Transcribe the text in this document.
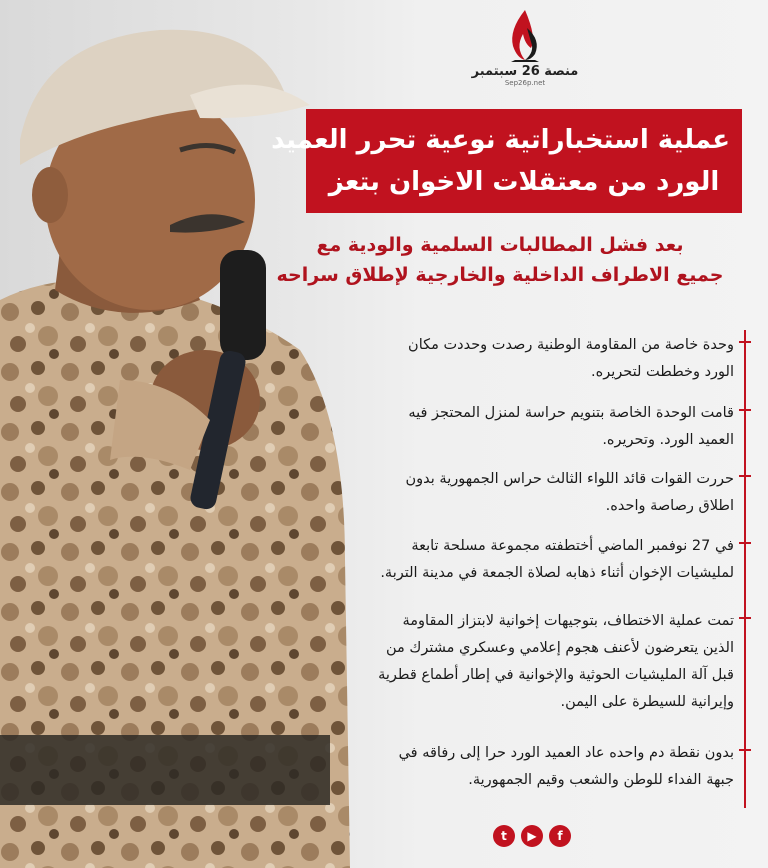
منصة 26 سبتمبر
Sep26p.net
عملية استخباراتية نوعية تحرر العميد
الورد من معتقلات الاخوان بتعز
بعد فشل المطالبات السلمية والودية مع
جميع الاطراف الداخلية والخارجية لإطلاق سراحه
وحدة خاصة من المقاومة الوطنية رصدت وحددت مكان
الورد وخططت لتحريره.
قامت الوحدة الخاصة بتنويم حراسة لمنزل المحتجز فيه
العميد الورد. وتحريره.
حررت القوات قائد اللواء الثالث حراس الجمهورية بدون
اطلاق رصاصة واحده.
في 27 نوفمبر الماضي أختطفته مجموعة مسلحة تابعة
لمليشيات الإخوان أثناء ذهابه لصلاة الجمعة في مدينة التربة.
تمت عملية الاختطاف، بتوجيهات إخوانية لابتزاز المقاومة
الذين يتعرضون لأعنف هجوم إعلامي وعسكري مشترك من
قبل آلة المليشيات الحوثية والإخوانية في إطار أطماع قطرية
وإيرانية للسيطرة على اليمن.
بدون نقطة دم واحده عاد العميد الورد حرا إلى رفاقه في
جبهة الفداء للوطن والشعب وقيم الجمهورية.
t	▶	f
